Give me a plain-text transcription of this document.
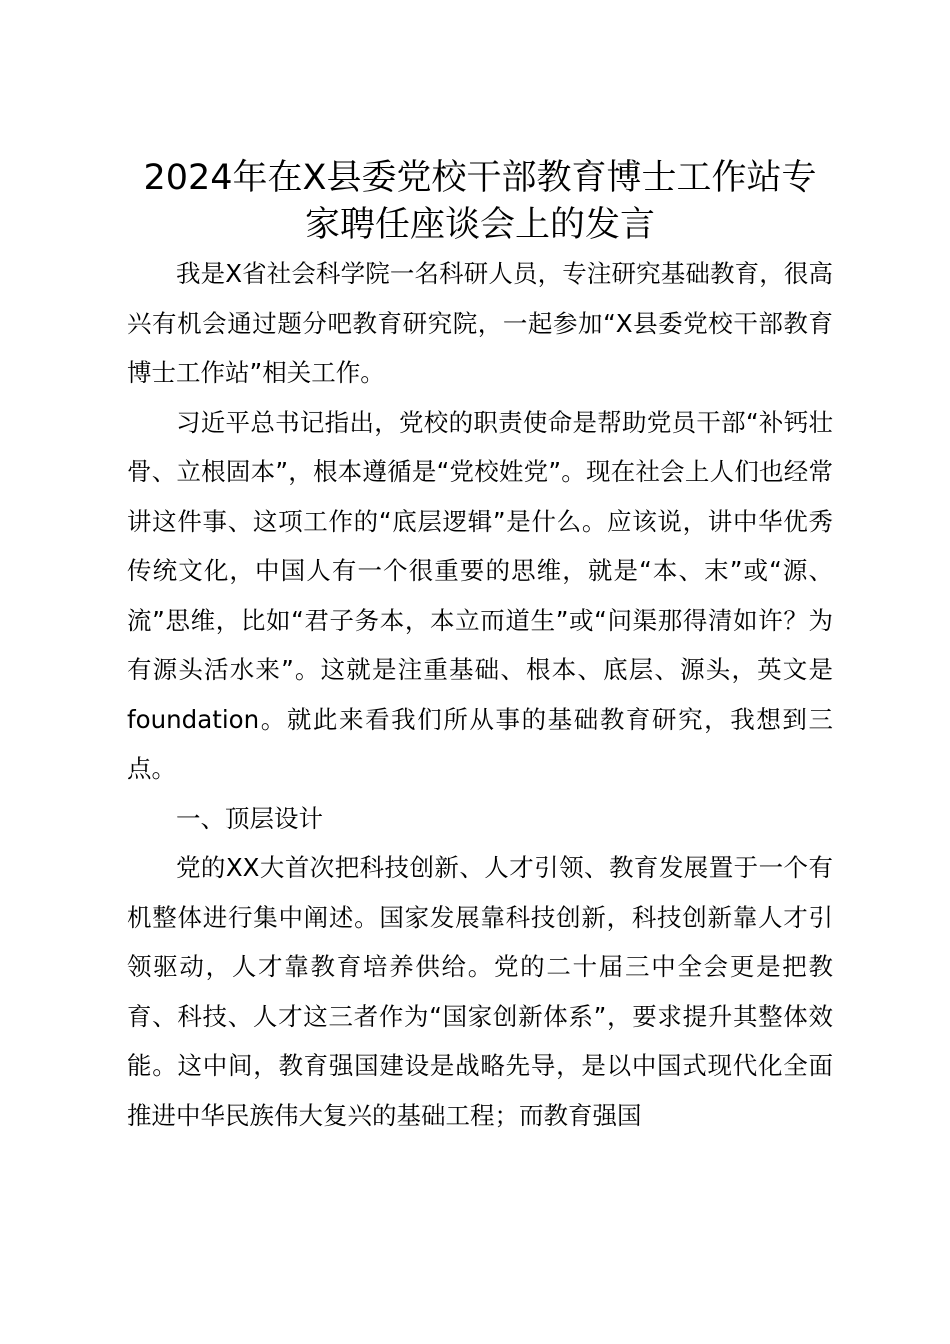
2024年在X县委党校干部教育博士工作站专家聘任座谈会上的发言

我是X省社会科学院一名科研人员，专注研究基础教育，很高兴有机会通过题分吧教育研究院，一起参加“X县委党校干部教育博士工作站”相关工作。

习近平总书记指出，党校的职责使命是帮助党员干部“补钙壮骨、立根固本”，根本遵循是“党校姓党”。现在社会上人们也经常讲这件事、这项工作的“底层逻辑”是什么。应该说，讲中华优秀传统文化，中国人有一个很重要的思维，就是“本、末”或“源、流”思维，比如“君子务本，本立而道生”或“问渠那得清如许？为有源头活水来”。这就是注重基础、根本、底层、源头，英文是foundation。就此来看我们所从事的基础教育研究，我想到三点。

一、顶层设计

党的XX大首次把科技创新、人才引领、教育发展置于一个有机整体进行集中阐述。国家发展靠科技创新，科技创新靠人才引领驱动，人才靠教育培养供给。党的二十届三中全会更是把教育、科技、人才这三者作为“国家创新体系”，要求提升其整体效能。这中间，教育强国建设是战略先导，是以中国式现代化全面推进中华民族伟大复兴的基础工程；而教育强国
